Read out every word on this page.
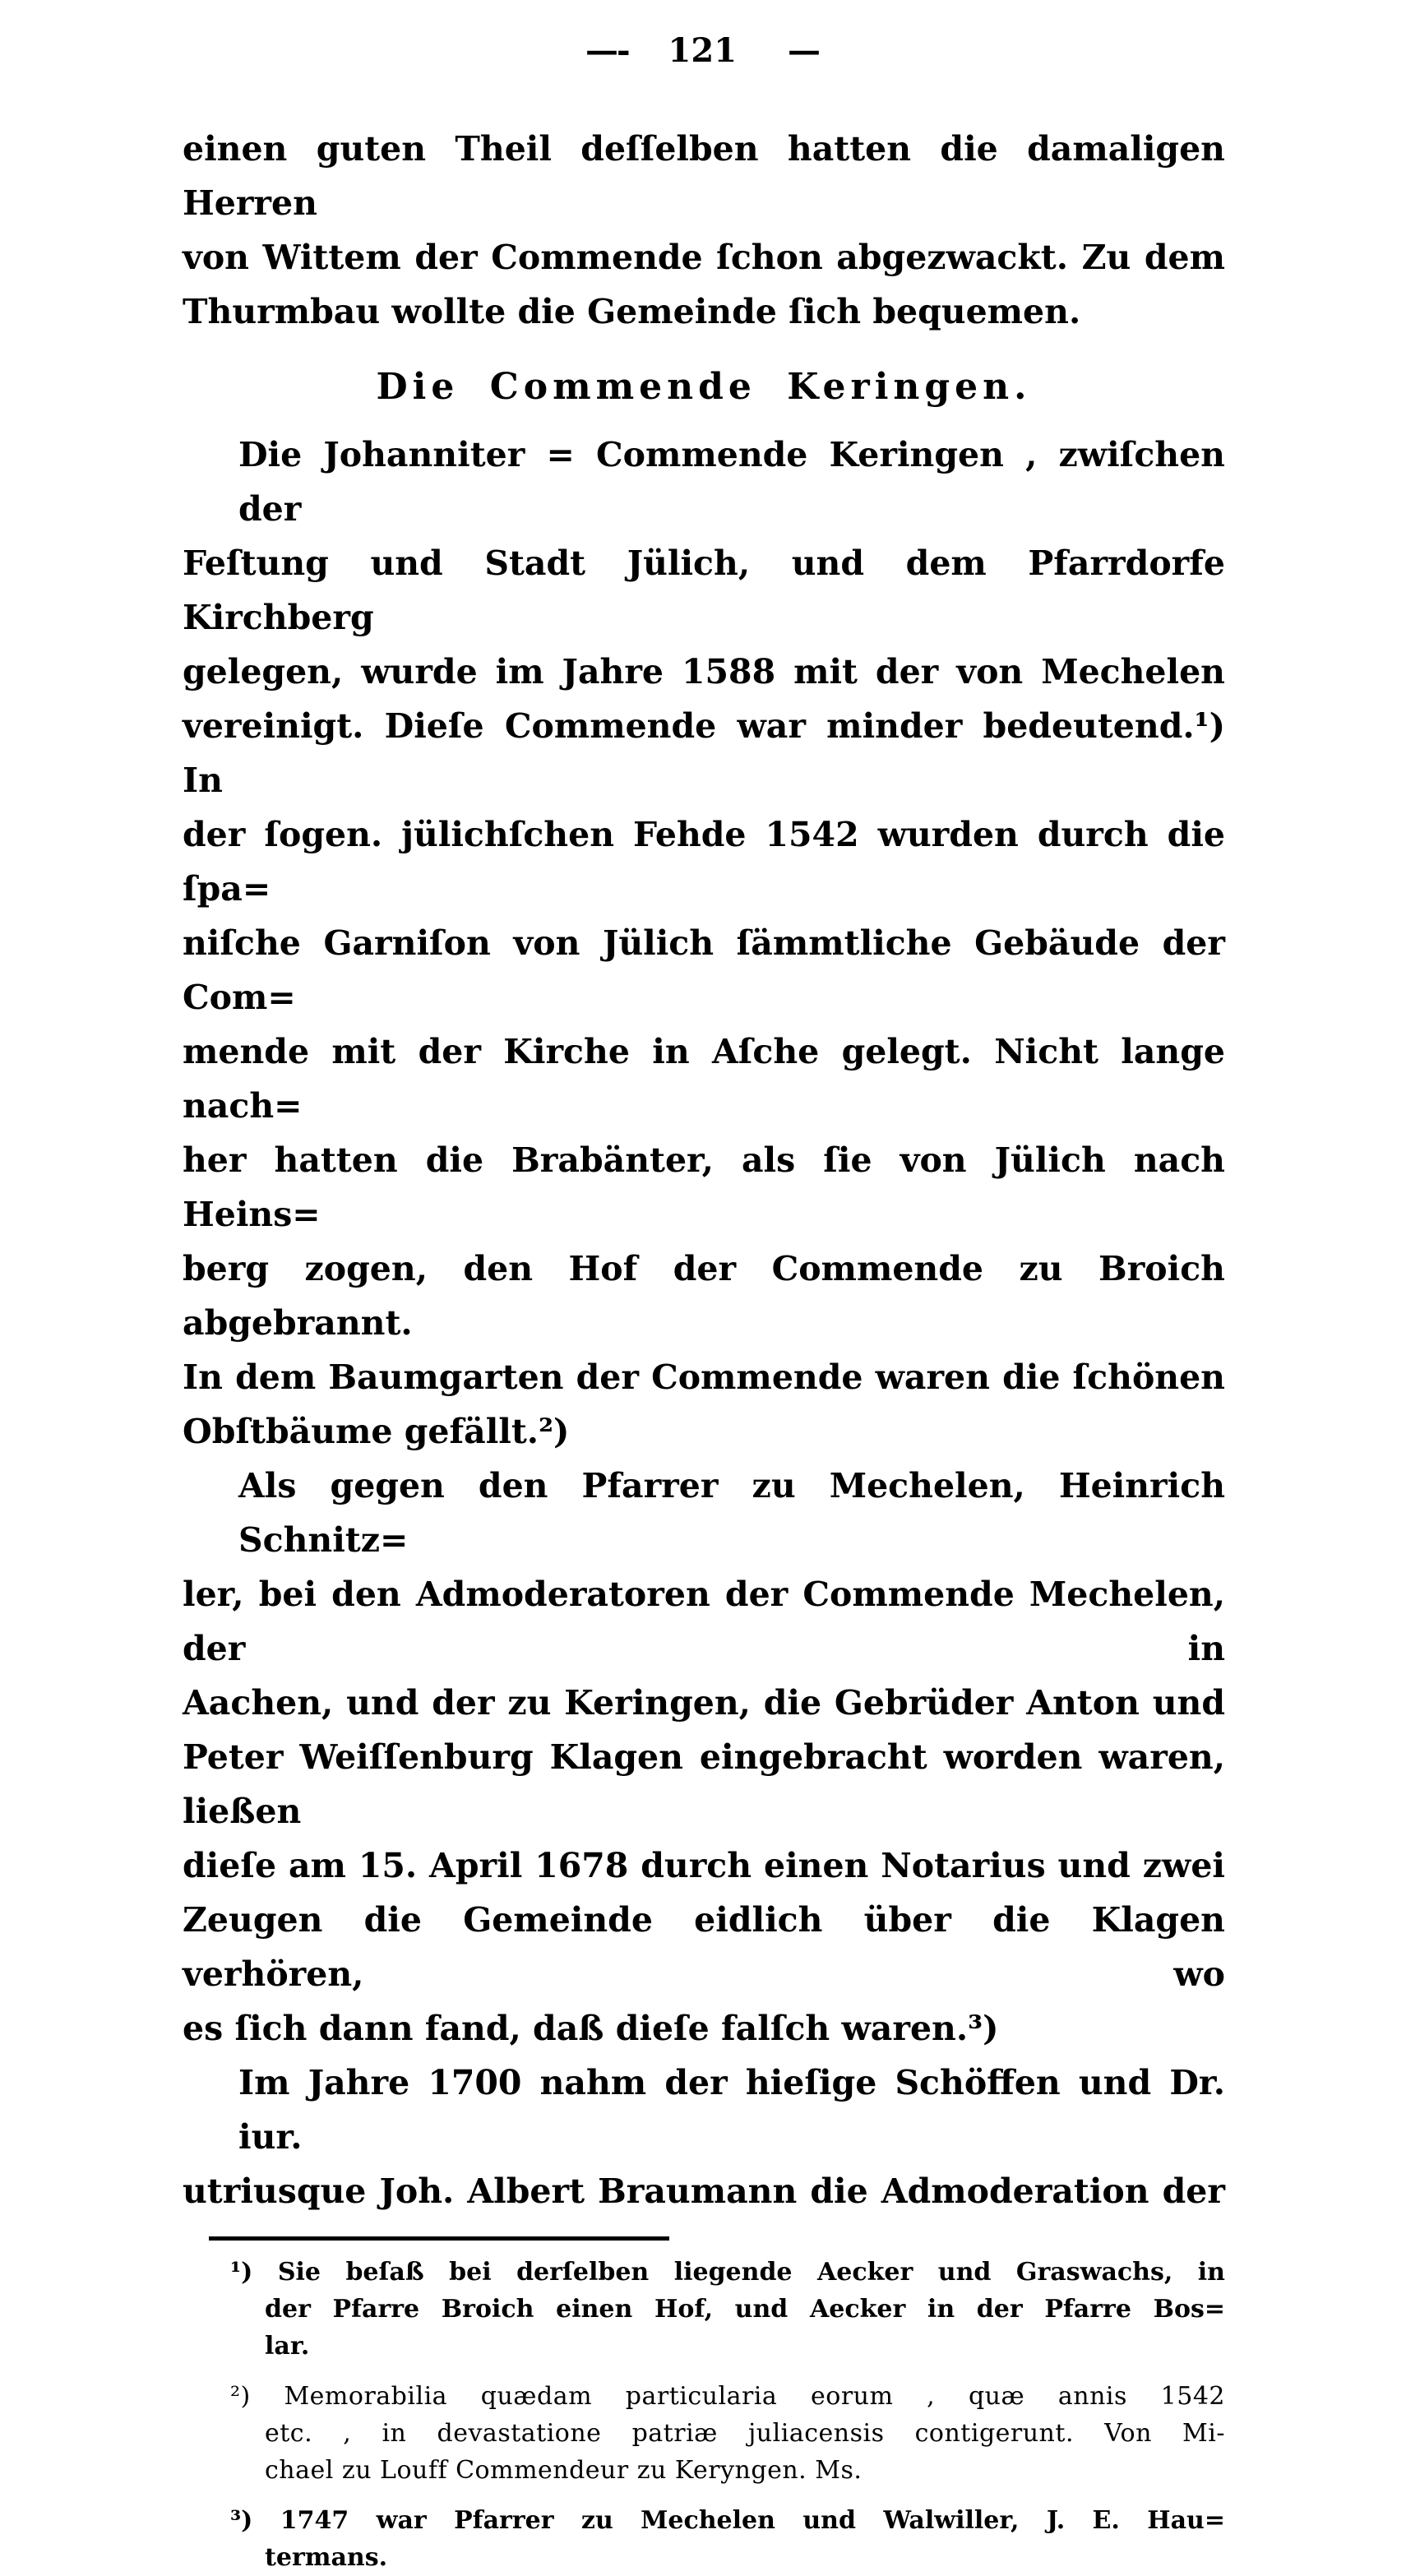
—- 121 —
einen guten Theil deſſelben hatten die damaligen Herren
von Wittem der Commende ſchon abgezwackt. Zu dem
Thurmbau wollte die Gemeinde ſich bequemen.
Die Commende Keringen.
Die Johanniter = Commende Keringen , zwiſchen der
Feſtung und Stadt Jülich, und dem Pfarrdorfe Kirchberg
gelegen, wurde im Jahre 1588 mit der von Mechelen
vereinigt. Dieſe Commende war minder bedeutend.¹) In
der ſogen. jülichſchen Fehde 1542 wurden durch die ſpa=
niſche Garniſon von Jülich ſämmtliche Gebäude der Com=
mende mit der Kirche in Aſche gelegt. Nicht lange nach=
her hatten die Brabänter, als ſie von Jülich nach Heins=
berg zogen, den Hof der Commende zu Broich abgebrannt.
In dem Baumgarten der Commende waren die ſchönen
Obſtbäume gefällt.²)
Als gegen den Pfarrer zu Mechelen, Heinrich Schnitz=
ler, bei den Admoderatoren der Commende Mechelen, der in
Aachen, und der zu Keringen, die Gebrüder Anton und
Peter Weiſſenburg Klagen eingebracht worden waren, ließen
dieſe am 15. April 1678 durch einen Notarius und zwei
Zeugen die Gemeinde eidlich über die Klagen verhören, wo
es ſich dann fand, daß dieſe falſch waren.³)
Im Jahre 1700 nahm der hieſige Schöffen und Dr. iur.
utriusque Joh. Albert Braumann die Admoderation der
¹) Sie beſaß bei derſelben liegende Aecker und Graswachs, in
der Pfarre Broich einen Hof, und Aecker in der Pfarre Bos=
lar.
²) Memorabilia quædam particularia eorum , quæ annis 1542
etc. , in devastatione patriæ juliacensis contigerunt. Von Mi-
chael zu Louff Commendeur zu Keryngen. Ms.
³) 1747 war Pfarrer zu Mechelen und Walwiller, J. E. Hau=
termans.
